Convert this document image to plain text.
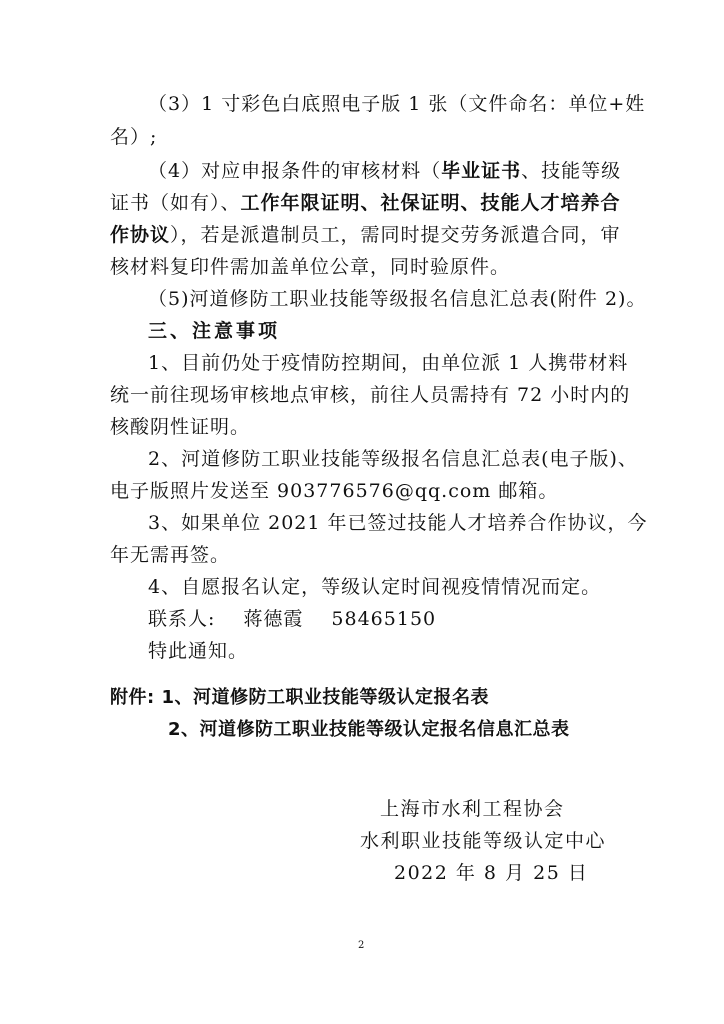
（3）1 寸彩色白底照电子版 1 张（文件命名：单位+姓
名）;
（4）对应申报条件的审核材料（毕业证书、技能等级
证书（如有）、工作年限证明、社保证明、技能人才培养合
作协议），若是派遣制员工，需同时提交劳务派遣合同，审
核材料复印件需加盖单位公章，同时验原件。
（5)河道修防工职业技能等级报名信息汇总表(附件 2)。
三、注意事项
1、目前仍处于疫情防控期间，由单位派 1 人携带材料
统一前往现场审核地点审核，前往人员需持有 72 小时内的
核酸阴性证明。
2、河道修防工职业技能等级报名信息汇总表(电子版)、
电子版照片发送至 903776576@qq.com 邮箱。
3、如果单位 2021 年已签过技能人才培养合作协议，今
年无需再签。
4、自愿报名认定，等级认定时间视疫情情况而定。
联系人: 蒋德霞 58465150
特此通知。
附件: 1、河道修防工职业技能等级认定报名表
2、河道修防工职业技能等级认定报名信息汇总表
上海市水利工程协会
水利职业技能等级认定中心
2022 年 8 月 25 日
2
